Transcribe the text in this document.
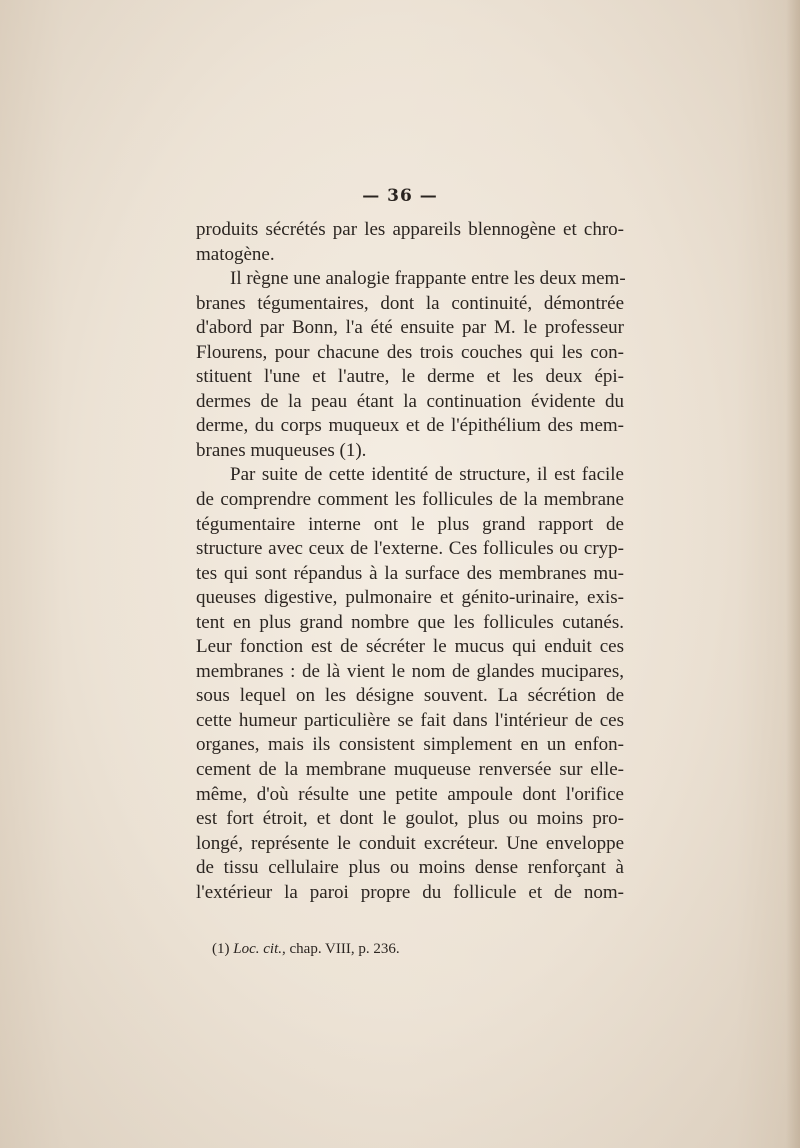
— 36 —
produits sécrétés par les appareils blennogène et chro-
matogène.
Il règne une analogie frappante entre les deux mem-
branes tégumentaires, dont la continuité, démontrée
d'abord par Bonn, l'a été ensuite par M. le professeur
Flourens, pour chacune des trois couches qui les con-
stituent l'une et l'autre, le derme et les deux épi-
dermes de la peau étant la continuation évidente du
derme, du corps muqueux et de l'épithélium des mem-
branes muqueuses (1).
Par suite de cette identité de structure, il est facile
de comprendre comment les follicules de la membrane
tégumentaire interne ont le plus grand rapport de
structure avec ceux de l'externe. Ces follicules ou cryp-
tes qui sont répandus à la surface des membranes mu-
queuses digestive, pulmonaire et génito-urinaire, exis-
tent en plus grand nombre que les follicules cutanés.
Leur fonction est de sécréter le mucus qui enduit ces
membranes : de là vient le nom de glandes mucipares,
sous lequel on les désigne souvent. La sécrétion de
cette humeur particulière se fait dans l'intérieur de ces
organes, mais ils consistent simplement en un enfon-
cement de la membrane muqueuse renversée sur elle-
même, d'où résulte une petite ampoule dont l'orifice
est fort étroit, et dont le goulot, plus ou moins pro-
longé, représente le conduit excréteur. Une enveloppe
de tissu cellulaire plus ou moins dense renforçant à
l'extérieur la paroi propre du follicule et de nom-
(1) Loc. cit., chap. VIII, p. 236.
